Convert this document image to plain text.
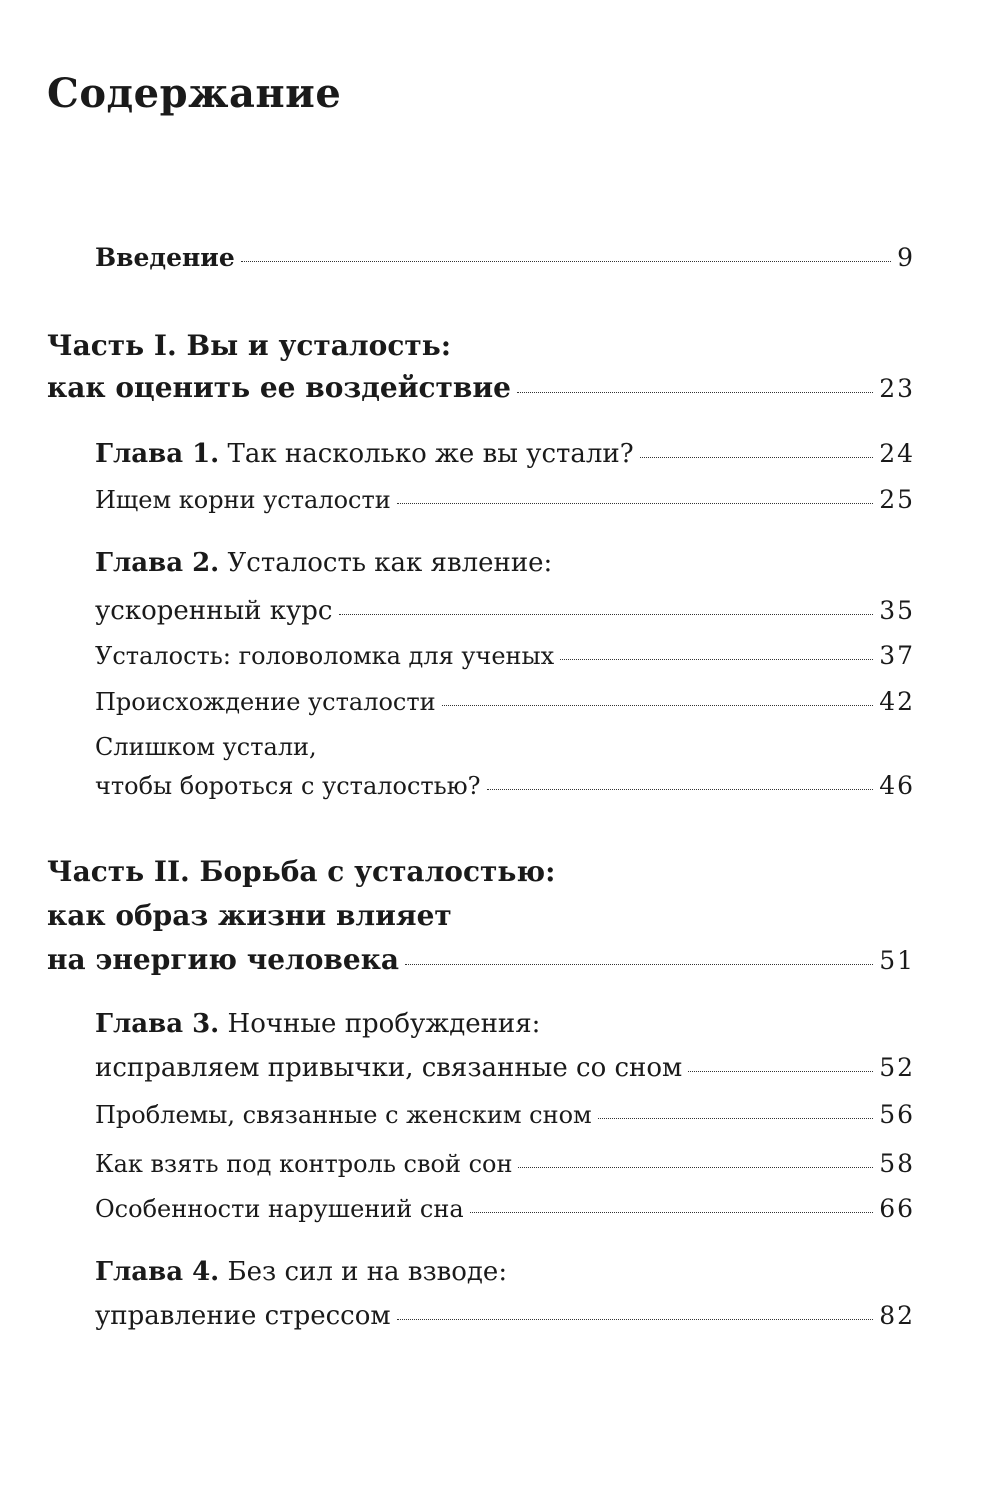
Содержание
Введение	9
Часть I. Вы и усталость:
как оценить ее воздействие	23
Глава 1. Так насколько же вы устали?	24
Ищем корни усталости	25
Глава 2. Усталость как явление:
ускоренный курс	35
Усталость: головоломка для ученых	37
Происхождение усталости	42
Слишком устали,
чтобы бороться с усталостью?	46
Часть II. Борьба с усталостью:
как образ жизни влияет
на энергию человека	51
Глава 3. Ночные пробуждения:
исправляем привычки, связанные со сном	52
Проблемы, связанные с женским сном	56
Как взять под контроль свой сон	58
Особенности нарушений сна	66
Глава 4. Без сил и на взводе:
управление стрессом	82
